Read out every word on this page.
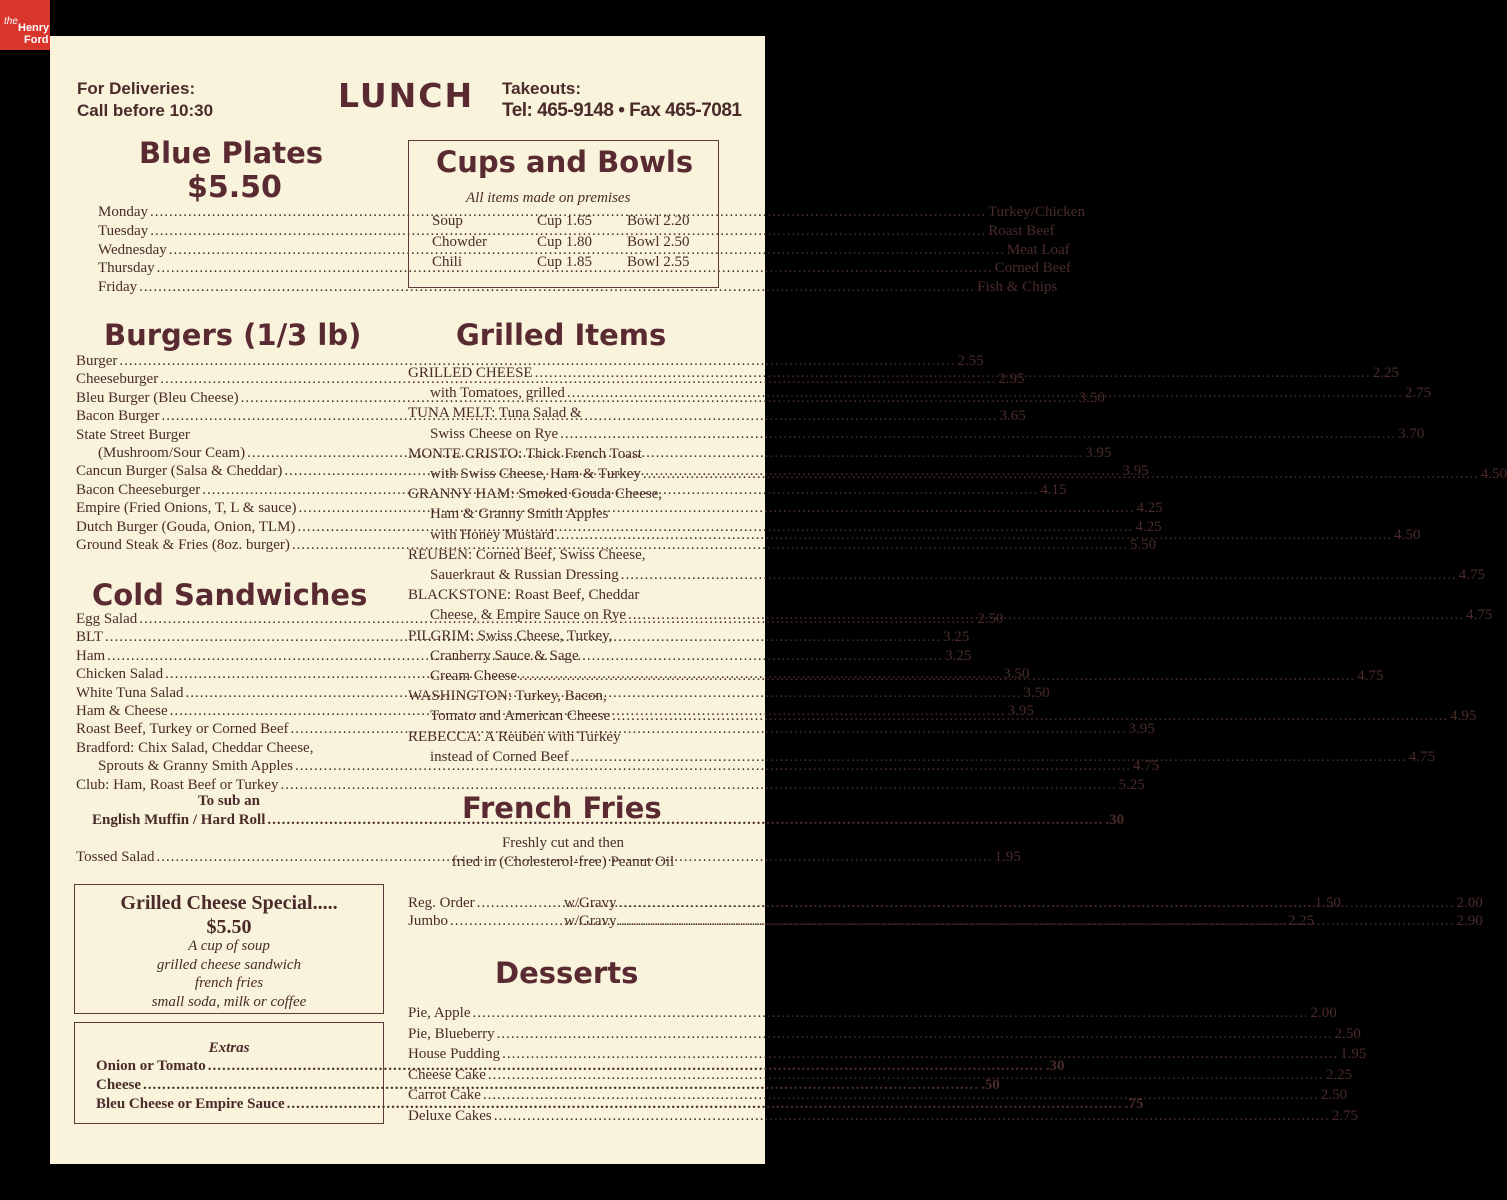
the
Henry
Ford
For Deliveries:
Call before 10:30	LUNCH Takeouts:
Tel: 465-9148 • Fax 465-7081
Blue Plates
$5.50
Monday .....	Turkey/Chicken
Tuesday .....	Roast Beef
Wednesday .....	Meat Loaf
Thursday .....	Corned Beef
Friday .....	Fish & Chips
Cups and Bowls
All items made on premises
Soup	Cup 1.65	Bowl 2.20
Chowder	Cup 1.80	Bowl 2.50
Chili	Cup 1.85	Bowl 2.55
Burgers (1/3 lb)
Burger .....	2.55
Cheeseburger .....	2.95
Bleu Burger (Bleu Cheese) .....	3.50
Bacon Burger .....	3.65
State Street Burger
(Mushroom/Sour Ceam) .....	3.95
Cancun Burger (Salsa & Cheddar) .....	3.95
Bacon Cheeseburger .....	4.15
Empire (Fried Onions, T, L & sauce) .....	4.25
Dutch Burger (Gouda, Onion, TLM) .....	4.25
Ground Steak & Fries (8oz. burger) .....	5.50
Cold Sandwiches
Egg Salad .....	2.50
BLT .....	3.25
Ham .....	3.25
Chicken Salad .....	3.50
White Tuna Salad .....	3.50
Ham & Cheese .....	3.95
Roast Beef, Turkey or Corned Beef .....	3.95
Bradford: Chix Salad, Cheddar Cheese,
Sprouts & Granny Smith Apples .....	4.75
Club: Ham, Roast Beef or Turkey .....	5.25
To sub an
English Muffin / Hard Roll .....	.30
Tossed Salad .....	1.95
Grilled Cheese Special.....
$5.50
A cup of soup
grilled cheese sandwich
french fries
small soda, milk or coffee
Extras
Onion or Tomato .....	.30
Cheese .....	.50
Bleu Cheese or Empire Sauce .....	.75
Grilled Items
GRILLED CHEESE .....	2.25
with Tomatoes, grilled .....	2.75
TUNA MELT: Tuna Salad &
Swiss Cheese on Rye .....	3.70
MONTE CRISTO: Thick French Toast
with Swiss Cheese, Ham & Turkey .....	4.50
GRANNY HAM: Smoked Gouda Cheese,
Ham & Granny Smith Apples
with Honey Mustard .....	4.50
REUBEN: Corned Beef, Swiss Cheese,
Sauerkraut & Russian Dressing .....	4.75
BLACKSTONE: Roast Beef, Cheddar
Cheese, & Empire Sauce on Rye .....	4.75
PILGRIM: Swiss Cheese, Turkey,
Cranberry Sauce & Sage
Cream Cheese .....	4.75
WASHINGTON: Turkey, Bacon,
Tomato and American Cheese .....	4.95
REBECCA: A Reuben with Turkey
instead of Corned Beef .....	4.75
French Fries
Freshly cut and then
fried in (Cholesterol-free) Peanut Oil
Reg. Order .....	1.50
w/Gravy .....	2.00
Jumbo .....	2.25
w/Gravy .....	2.90
Desserts
Pie, Apple .....	2.00
Pie, Blueberry .....	2.50
House Pudding .....	1.95
Cheese Cake .....	2.25
Carrot Cake .....	2.50
Deluxe Cakes .....	2.75
